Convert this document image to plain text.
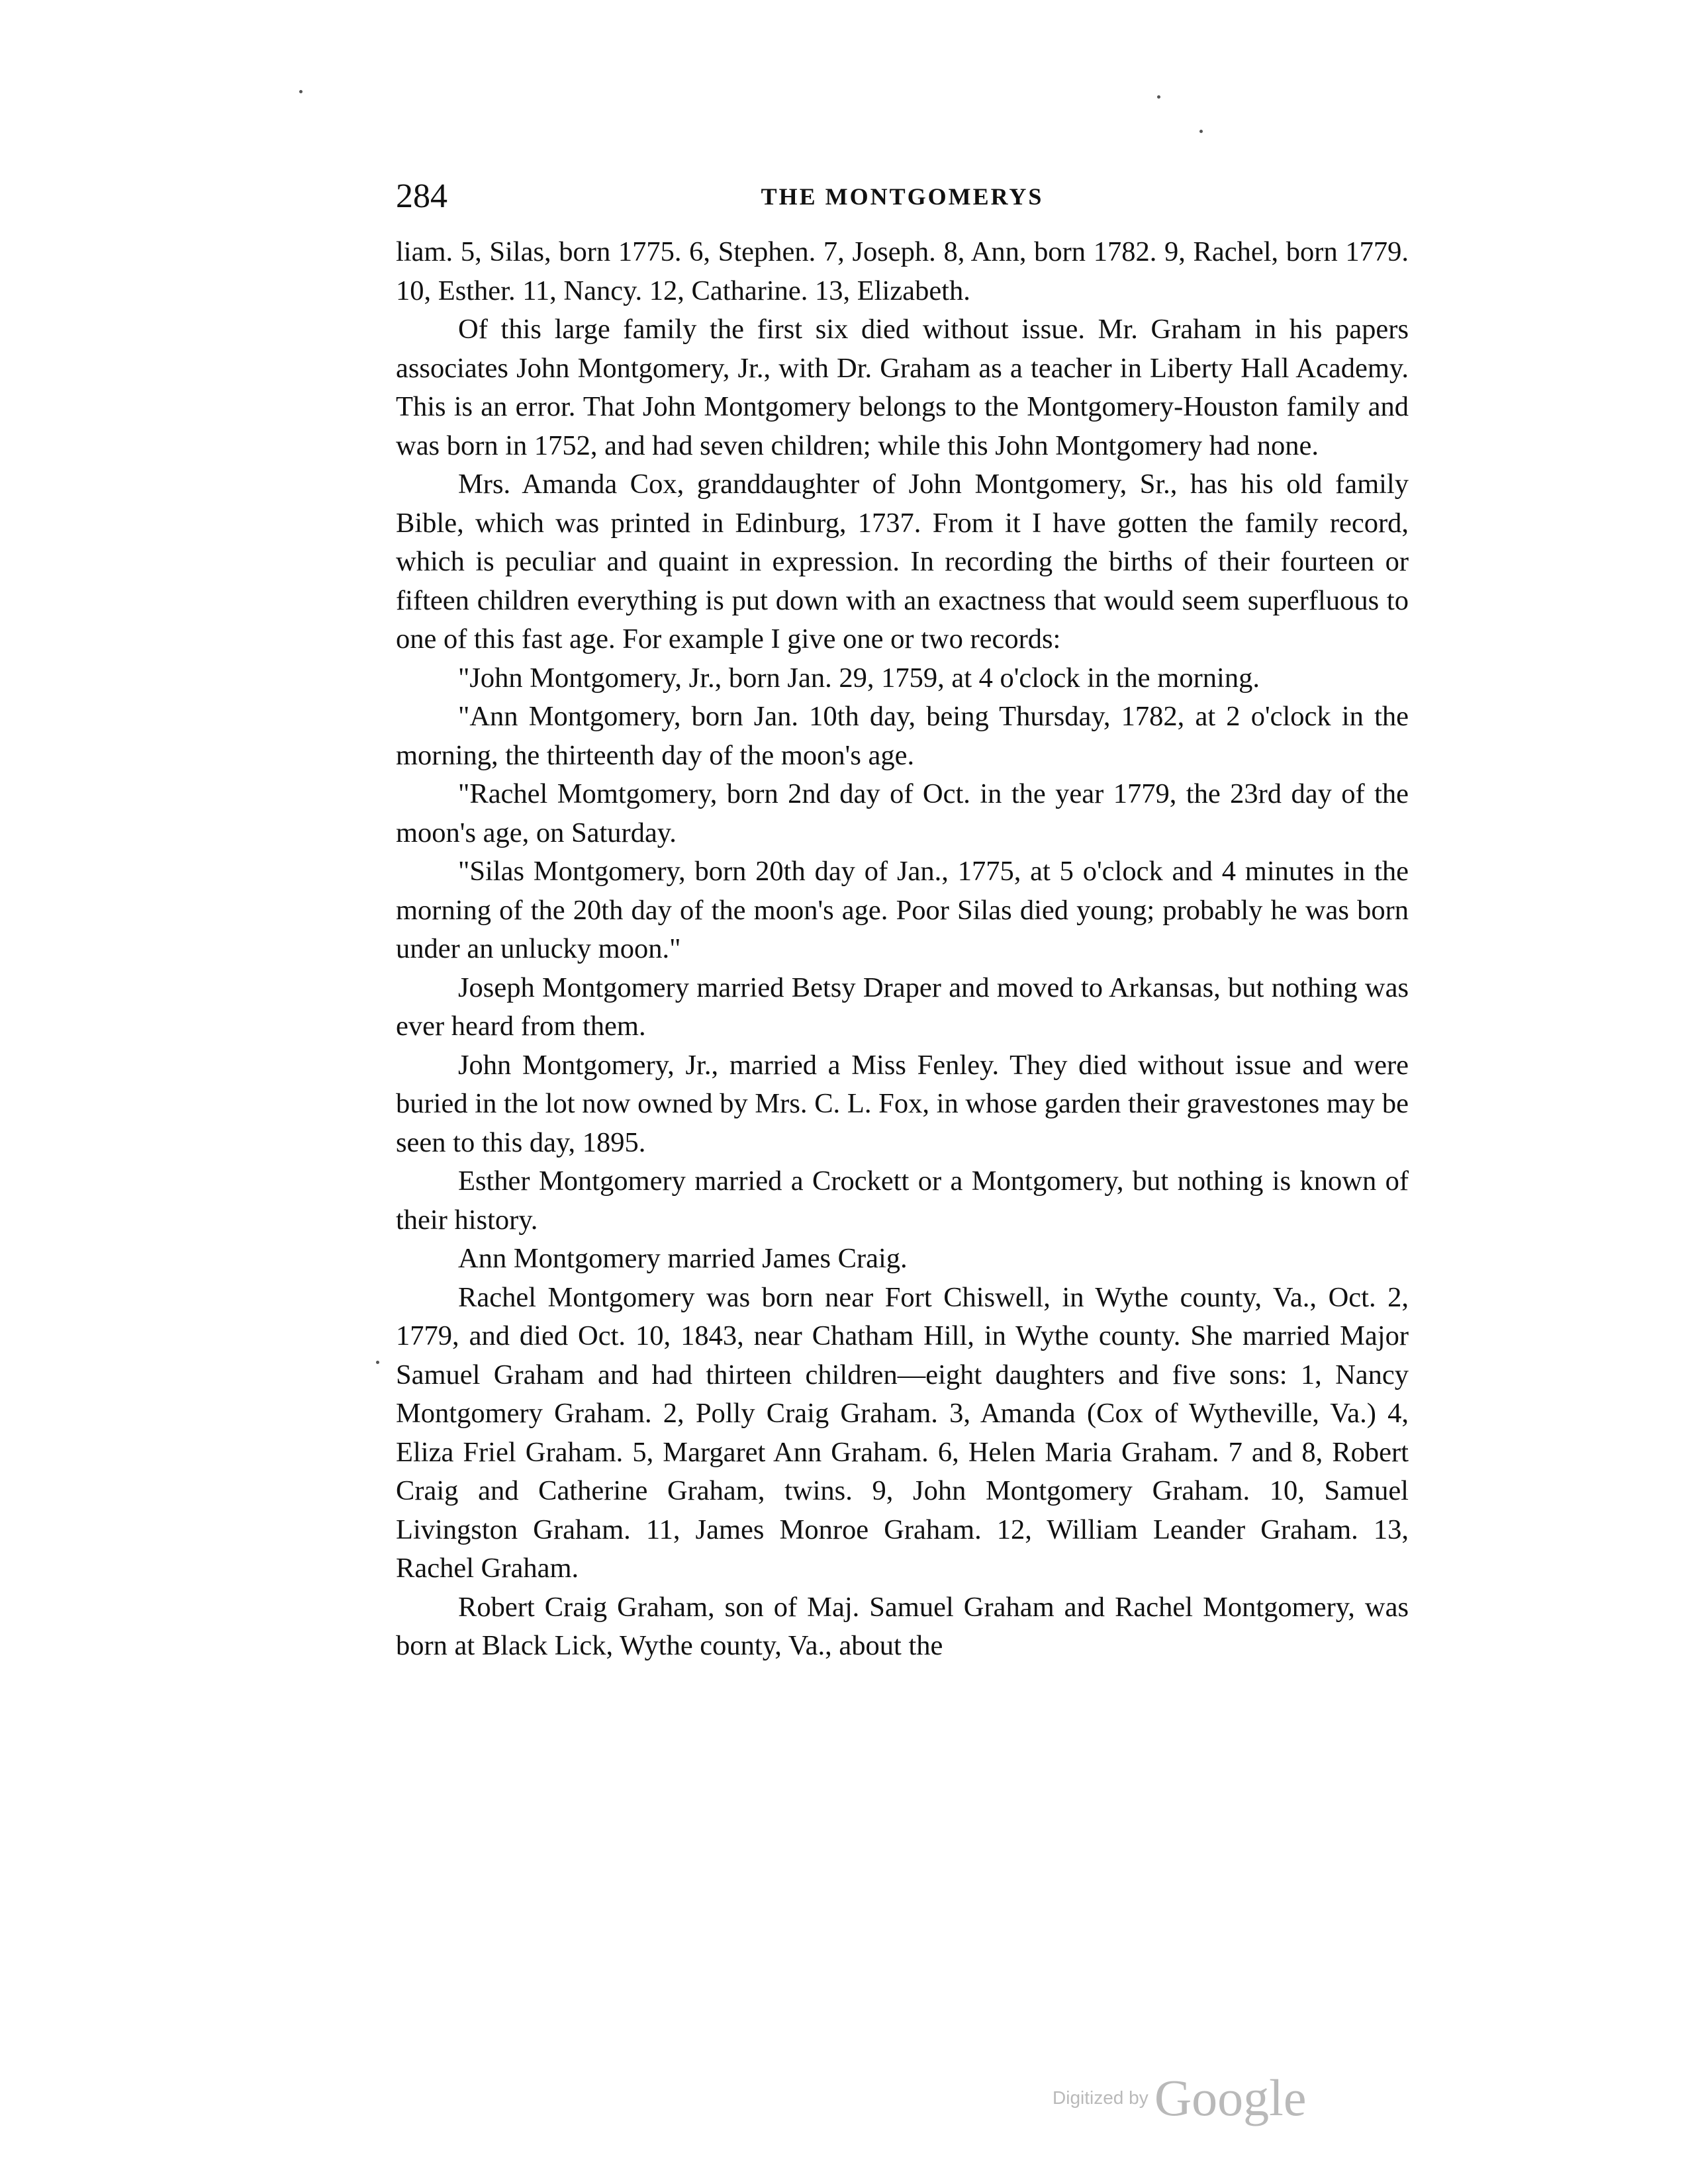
284	THE MONTGOMERYS

liam. 5, Silas, born 1775. 6, Stephen. 7, Joseph. 8, Ann, born 1782. 9, Rachel, born 1779. 10, Esther. 11, Nancy. 12, Catharine. 13, Elizabeth.

Of this large family the first six died without issue. Mr. Graham in his papers associates John Montgomery, Jr., with Dr. Graham as a teacher in Liberty Hall Academy. This is an error. That John Montgomery belongs to the Montgomery-Houston family and was born in 1752, and had seven children; while this John Montgomery had none.

Mrs. Amanda Cox, granddaughter of John Montgomery, Sr., has his old family Bible, which was printed in Edinburg, 1737. From it I have gotten the family record, which is peculiar and quaint in expression. In recording the births of their fourteen or fifteen children everything is put down with an exactness that would seem superfluous to one of this fast age. For example I give one or two records:

"John Montgomery, Jr., born Jan. 29, 1759, at 4 o'clock in the morning.

"Ann Montgomery, born Jan. 10th day, being Thursday, 1782, at 2 o'clock in the morning, the thirteenth day of the moon's age.

"Rachel Momtgomery, born 2nd day of Oct. in the year 1779, the 23rd day of the moon's age, on Saturday.

"Silas Montgomery, born 20th day of Jan., 1775, at 5 o'clock and 4 minutes in the morning of the 20th day of the moon's age. Poor Silas died young; probably he was born under an unlucky moon."

Joseph Montgomery married Betsy Draper and moved to Arkansas, but nothing was ever heard from them.

John Montgomery, Jr., married a Miss Fenley. They died without issue and were buried in the lot now owned by Mrs. C. L. Fox, in whose garden their gravestones may be seen to this day, 1895.

Esther Montgomery married a Crockett or a Montgomery, but nothing is known of their history.

Ann Montgomery married James Craig.

Rachel Montgomery was born near Fort Chiswell, in Wythe county, Va., Oct. 2, 1779, and died Oct. 10, 1843, near Chatham Hill, in Wythe county. She married Major Samuel Graham and had thirteen children—eight daughters and five sons: 1, Nancy Montgomery Graham. 2, Polly Craig Graham. 3, Amanda (Cox of Wytheville, Va.) 4, Eliza Friel Graham. 5, Margaret Ann Graham. 6, Helen Maria Graham. 7 and 8, Robert Craig and Catherine Graham, twins. 9, John Montgomery Graham. 10, Samuel Livingston Graham. 11, James Monroe Graham. 12, William Leander Graham. 13, Rachel Graham.

Robert Craig Graham, son of Maj. Samuel Graham and Rachel Montgomery, was born at Black Lick, Wythe county, Va., about the

Digitized by Google
